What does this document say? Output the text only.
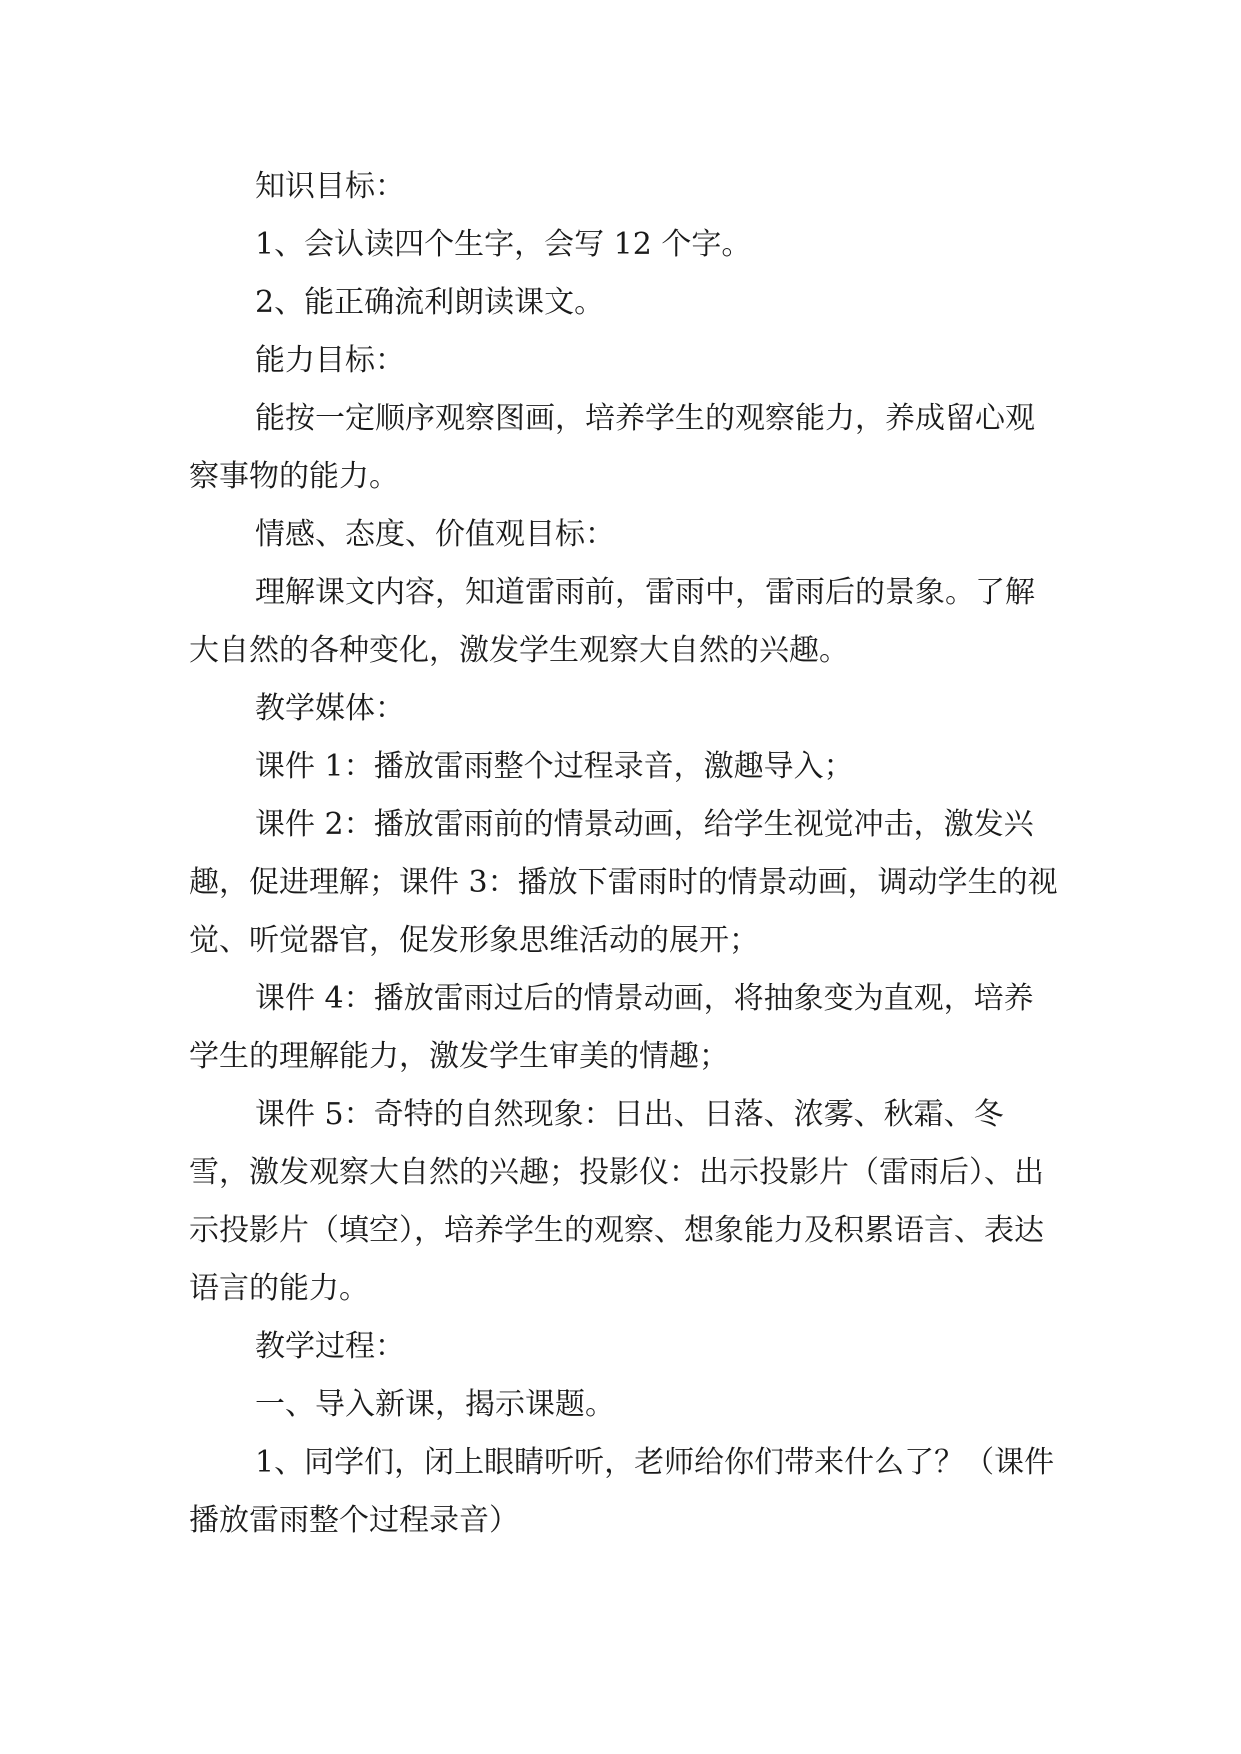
知识目标：

1、会认读四个生字，会写 12 个字。

2、能正确流利朗读课文。

能力目标：

能按一定顺序观察图画，培养学生的观察能力，养成留心观察事物的能力。

情感、态度、价值观目标：

理解课文内容，知道雷雨前，雷雨中，雷雨后的景象。了解大自然的各种变化，激发学生观察大自然的兴趣。

教学媒体：

课件 1：播放雷雨整个过程录音，激趣导入；

课件 2：播放雷雨前的情景动画，给学生视觉冲击，激发兴趣，促进理解；课件 3：播放下雷雨时的情景动画，调动学生的视觉、听觉器官，促发形象思维活动的展开；

课件 4：播放雷雨过后的情景动画，将抽象变为直观，培养学生的理解能力，激发学生审美的情趣；

课件 5：奇特的自然现象：日出、日落、浓雾、秋霜、冬雪，激发观察大自然的兴趣；投影仪：出示投影片（雷雨后）、出示投影片（填空），培养学生的观察、想象能力及积累语言、表达语言的能力。

教学过程：

一、导入新课，揭示课题。

1、同学们，闭上眼睛听听，老师给你们带来什么了？（课件播放雷雨整个过程录音）
